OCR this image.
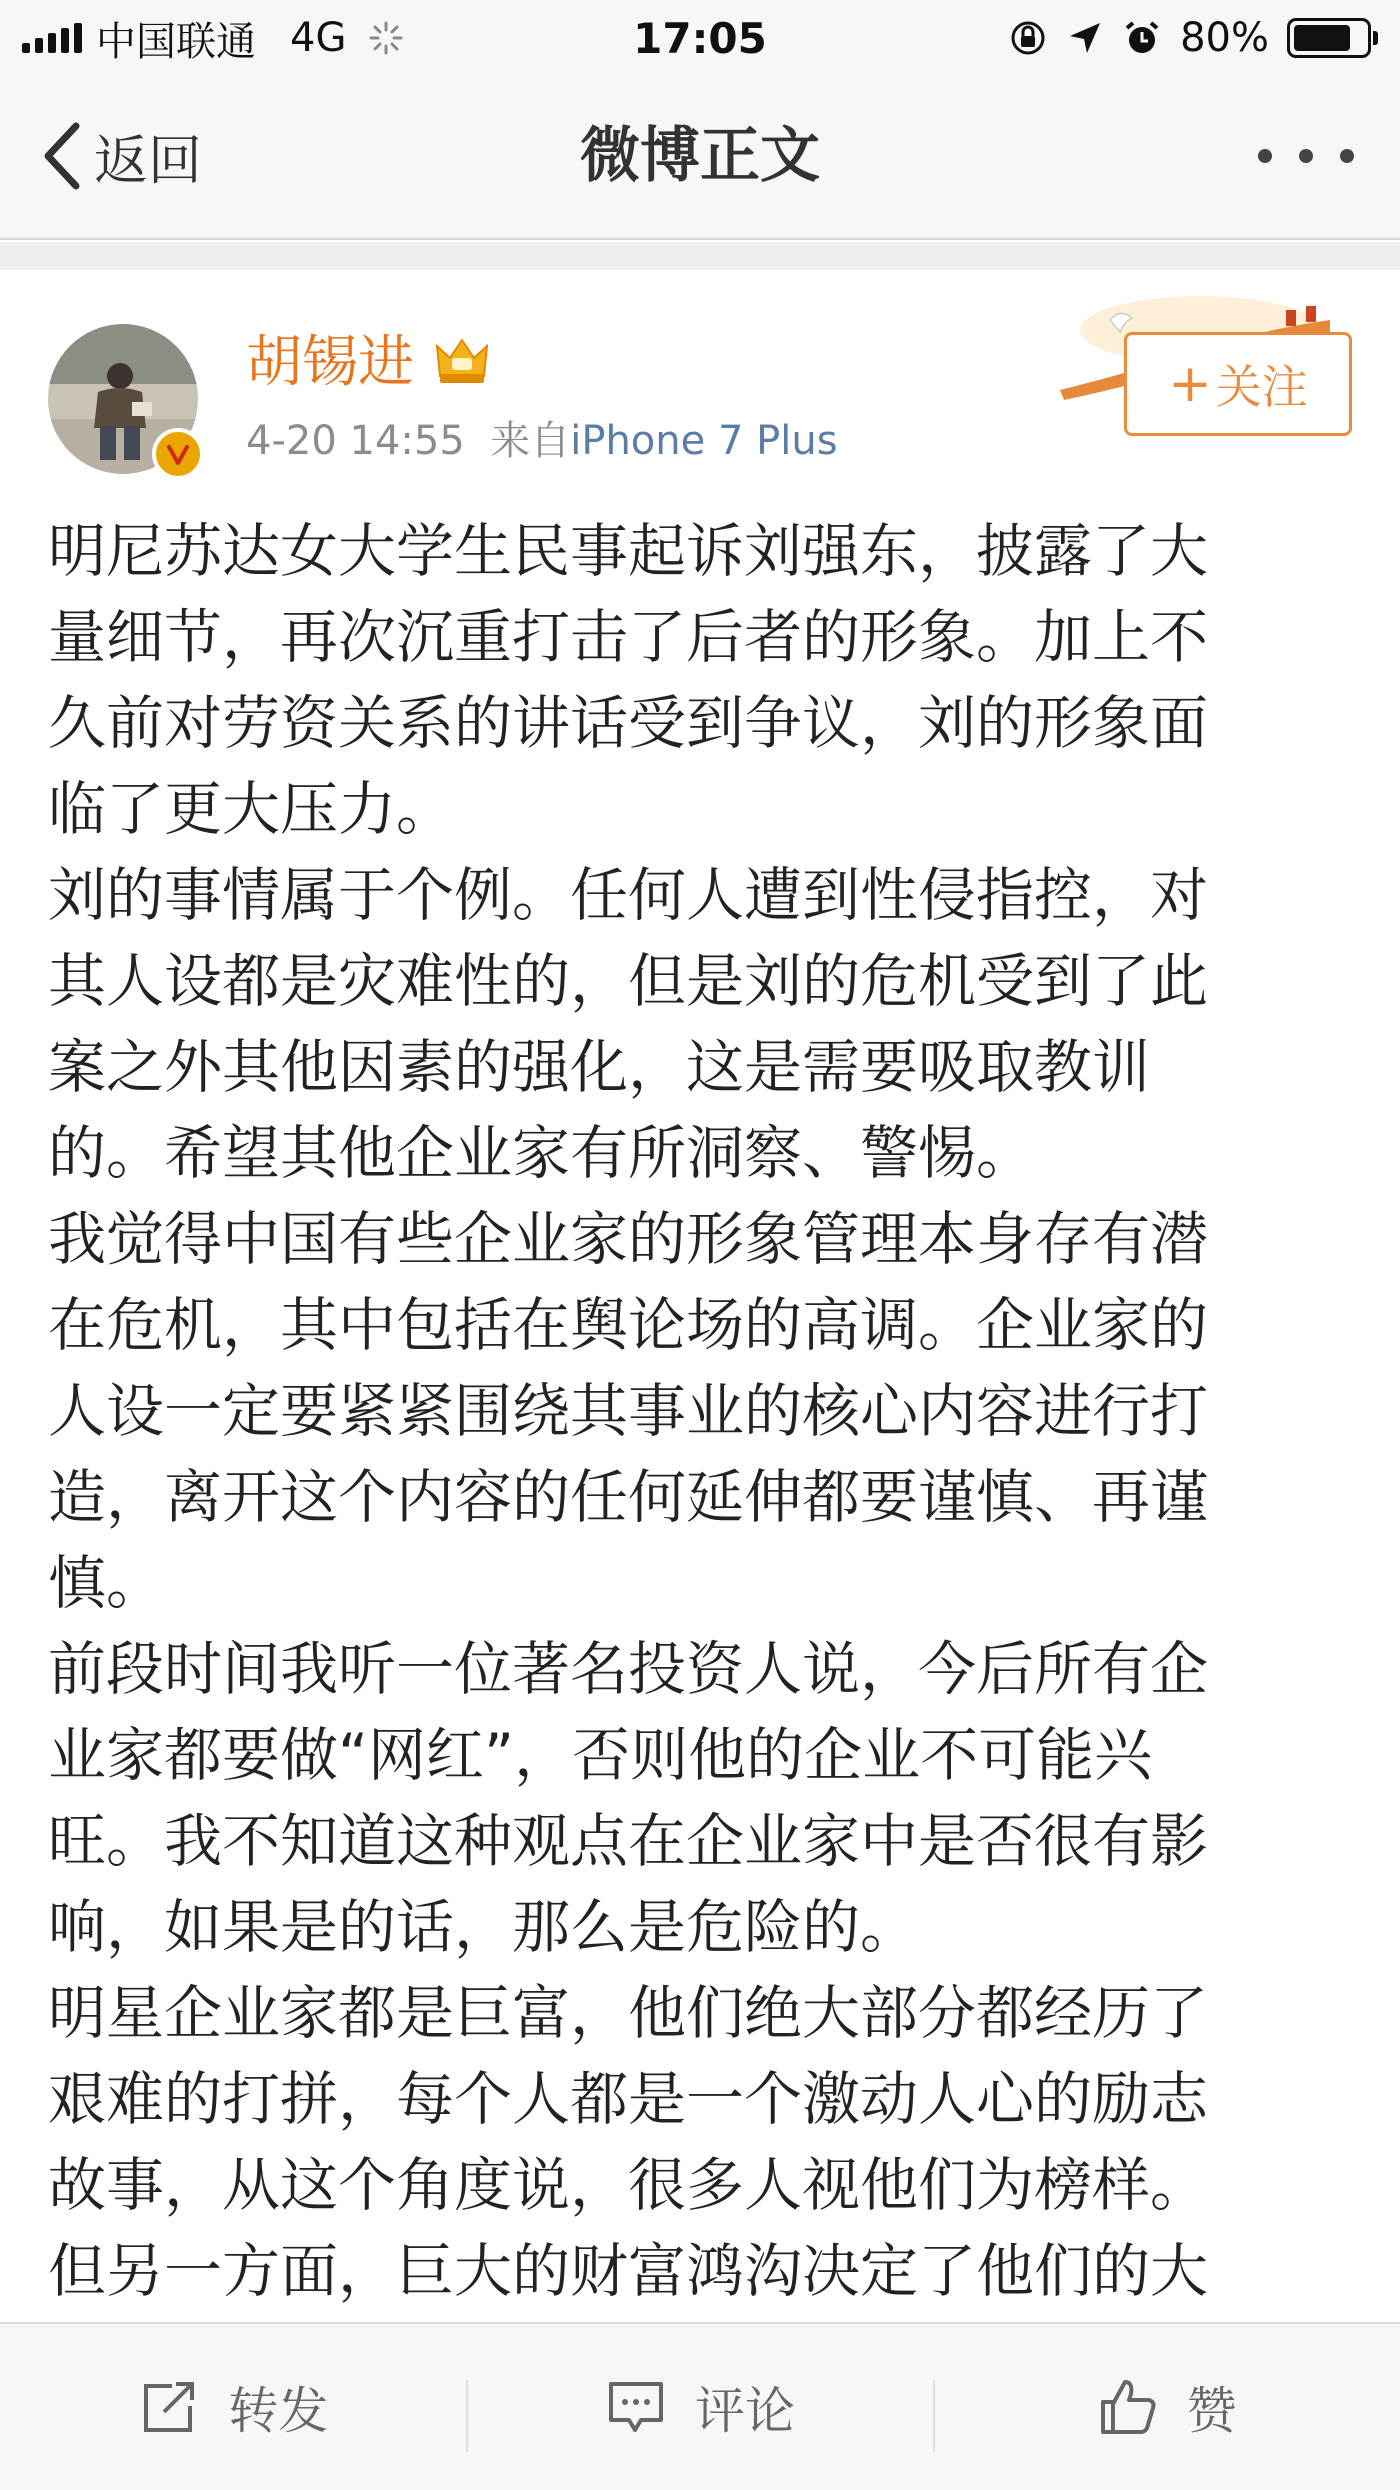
中国联通 4G	17:05	80%
返回	微博正文
胡锡进
4-20 14:55 来自iPhone 7 Plus
+ 关注
明尼苏达女大学生民事起诉刘强东，披露了大
量细节，再次沉重打击了后者的形象。加上不
久前对劳资关系的讲话受到争议，刘的形象面
临了更大压力。
刘的事情属于个例。任何人遭到性侵指控，对
其人设都是灾难性的，但是刘的危机受到了此
案之外其他因素的强化，这是需要吸取教训
的。希望其他企业家有所洞察、警惕。
我觉得中国有些企业家的形象管理本身存有潜
在危机，其中包括在舆论场的高调。企业家的
人设一定要紧紧围绕其事业的核心内容进行打
造，离开这个内容的任何延伸都要谨慎、再谨
慎。
前段时间我听一位著名投资人说，今后所有企
业家都要做“网红”，否则他的企业不可能兴
旺。我不知道这种观点在企业家中是否很有影
响，如果是的话，那么是危险的。
明星企业家都是巨富，他们绝大部分都经历了
艰难的打拼，每个人都是一个激动人心的励志
故事，从这个角度说，很多人视他们为榜样。
但另一方面，巨大的财富鸿沟决定了他们的大
转发	评论	赞
